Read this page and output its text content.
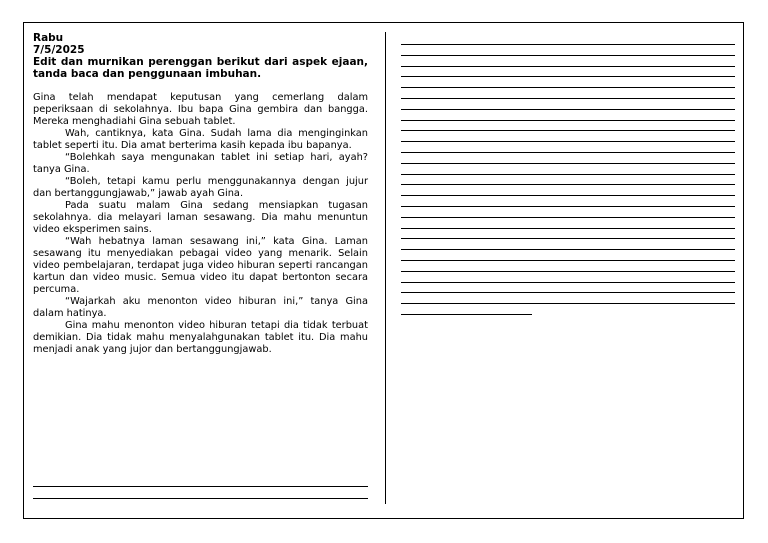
Rabu
7/5/2025
Edit dan murnikan perenggan berikut dari aspek ejaan, tanda baca dan penggunaan imbuhan.

Gina telah mendapat keputusan yang cemerlang dalam peperiksaan di sekolahnya. Ibu bapa Gina gembira dan bangga. Mereka menghadiahi Gina sebuah tablet.

Wah, cantiknya, kata Gina. Sudah lama dia menginginkan tablet seperti itu. Dia amat berterima kasih kepada ibu bapanya.

“Bolehkah saya mengunakan tablet ini setiap hari, ayah? tanya Gina.

“Boleh, tetapi kamu perlu menggunakannya dengan jujur dan bertanggungjawab,” jawab ayah Gina.

Pada suatu malam Gina sedang mensiapkan tugasan sekolahnya. dia melayari laman sesawang. Dia mahu menuntun video eksperimen sains.

“Wah hebatnya laman sesawang ini,” kata Gina. Laman sesawang itu menyediakan pebagai video yang menarik. Selain video pembelajaran, terdapat juga video hiburan seperti rancangan kartun dan video music. Semua video itu dapat bertonton secara percuma.

“Wajarkah aku menonton video hiburan ini,” tanya Gina dalam hatinya.

Gina mahu menonton video hiburan tetapi dia tidak terbuat demikian. Dia tidak mahu menyalahgunakan tablet itu. Dia mahu menjadi anak yang jujor dan bertanggungjawab.
